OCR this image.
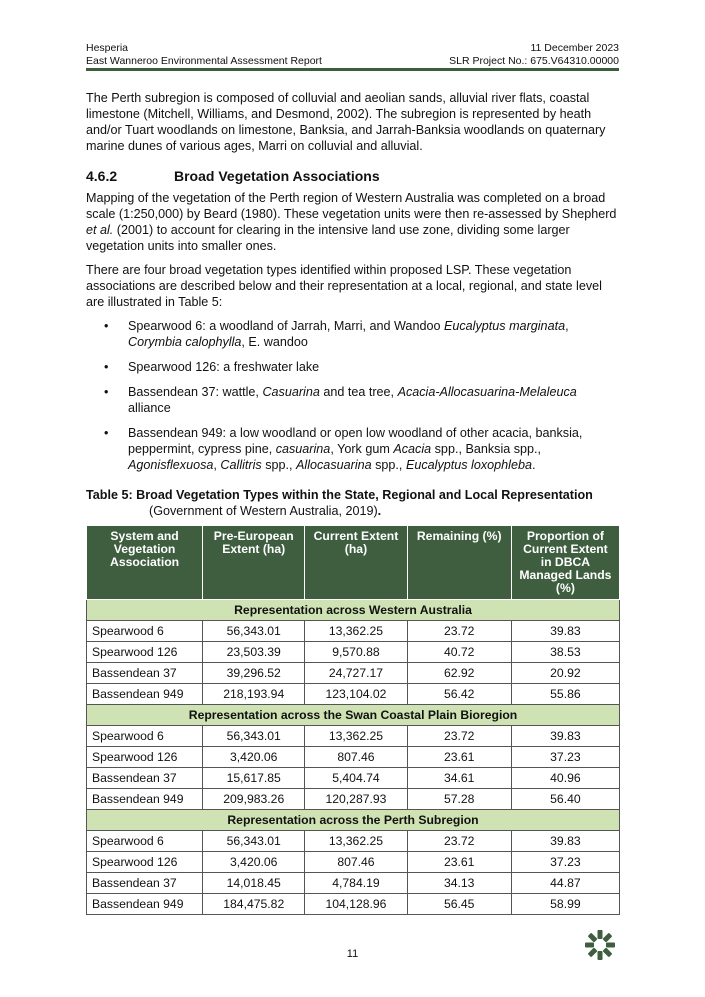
Hesperia	11 December 2023
East Wanneroo Environmental Assessment Report	SLR Project No.: 675.V64310.00000

The Perth subregion is composed of colluvial and aeolian sands, alluvial river flats, coastal limestone (Mitchell, Williams, and Desmond, 2002). The subregion is represented by heath and/or Tuart woodlands on limestone, Banksia, and Jarrah-Banksia woodlands on quaternary marine dunes of various ages, Marri on colluvial and alluvial.

4.6.2	Broad Vegetation Associations

Mapping of the vegetation of the Perth region of Western Australia was completed on a broad scale (1:250,000) by Beard (1980). These vegetation units were then re-assessed by Shepherd et al. (2001) to account for clearing in the intensive land use zone, dividing some larger vegetation units into smaller ones.

There are four broad vegetation types identified within proposed LSP. These vegetation associations are described below and their representation at a local, regional, and state level are illustrated in Table 5:

• Spearwood 6: a woodland of Jarrah, Marri, and Wandoo Eucalyptus marginata, Corymbia calophylla, E. wandoo
• Spearwood 126: a freshwater lake
• Bassendean 37: wattle, Casuarina and tea tree, Acacia-Allocasuarina-Melaleuca alliance
• Bassendean 949: a low woodland or open low woodland of other acacia, banksia, peppermint, cypress pine, casuarina, York gum Acacia spp., Banksia spp., Agonisflexuosa, Callitris spp., Allocasuarina spp., Eucalyptus loxophleba.
Table 5: Broad Vegetation Types within the State, Regional and Local Representation
(Government of Western Australia, 2019).
System and Vegetation Association	Pre-European Extent (ha)	Current Extent (ha)	Remaining (%)	Proportion of Current Extent in DBCA Managed Lands (%)
Representation across Western Australia				
Spearwood 6	56,343.01	13,362.25	23.72	39.83
Spearwood 126	23,503.39	9,570.88	40.72	38.53
Bassendean 37	39,296.52	24,727.17	62.92	20.92
Bassendean 949	218,193.94	123,104.02	56.42	55.86
Representation across the Swan Coastal Plain Bioregion				
Spearwood 6	56,343.01	13,362.25	23.72	39.83
Spearwood 126	3,420.06	807.46	23.61	37.23
Bassendean 37	15,617.85	5,404.74	34.61	40.96
Bassendean 949	209,983.26	120,287.93	57.28	56.40
Representation across the Perth Subregion				
Spearwood 6	56,343.01	13,362.25	23.72	39.83
Spearwood 126	3,420.06	807.46	23.61	37.23
Bassendean 37	14,018.45	4,784.19	34.13	44.87
Bassendean 949	184,475.82	104,128.96	56.45	58.99
11
